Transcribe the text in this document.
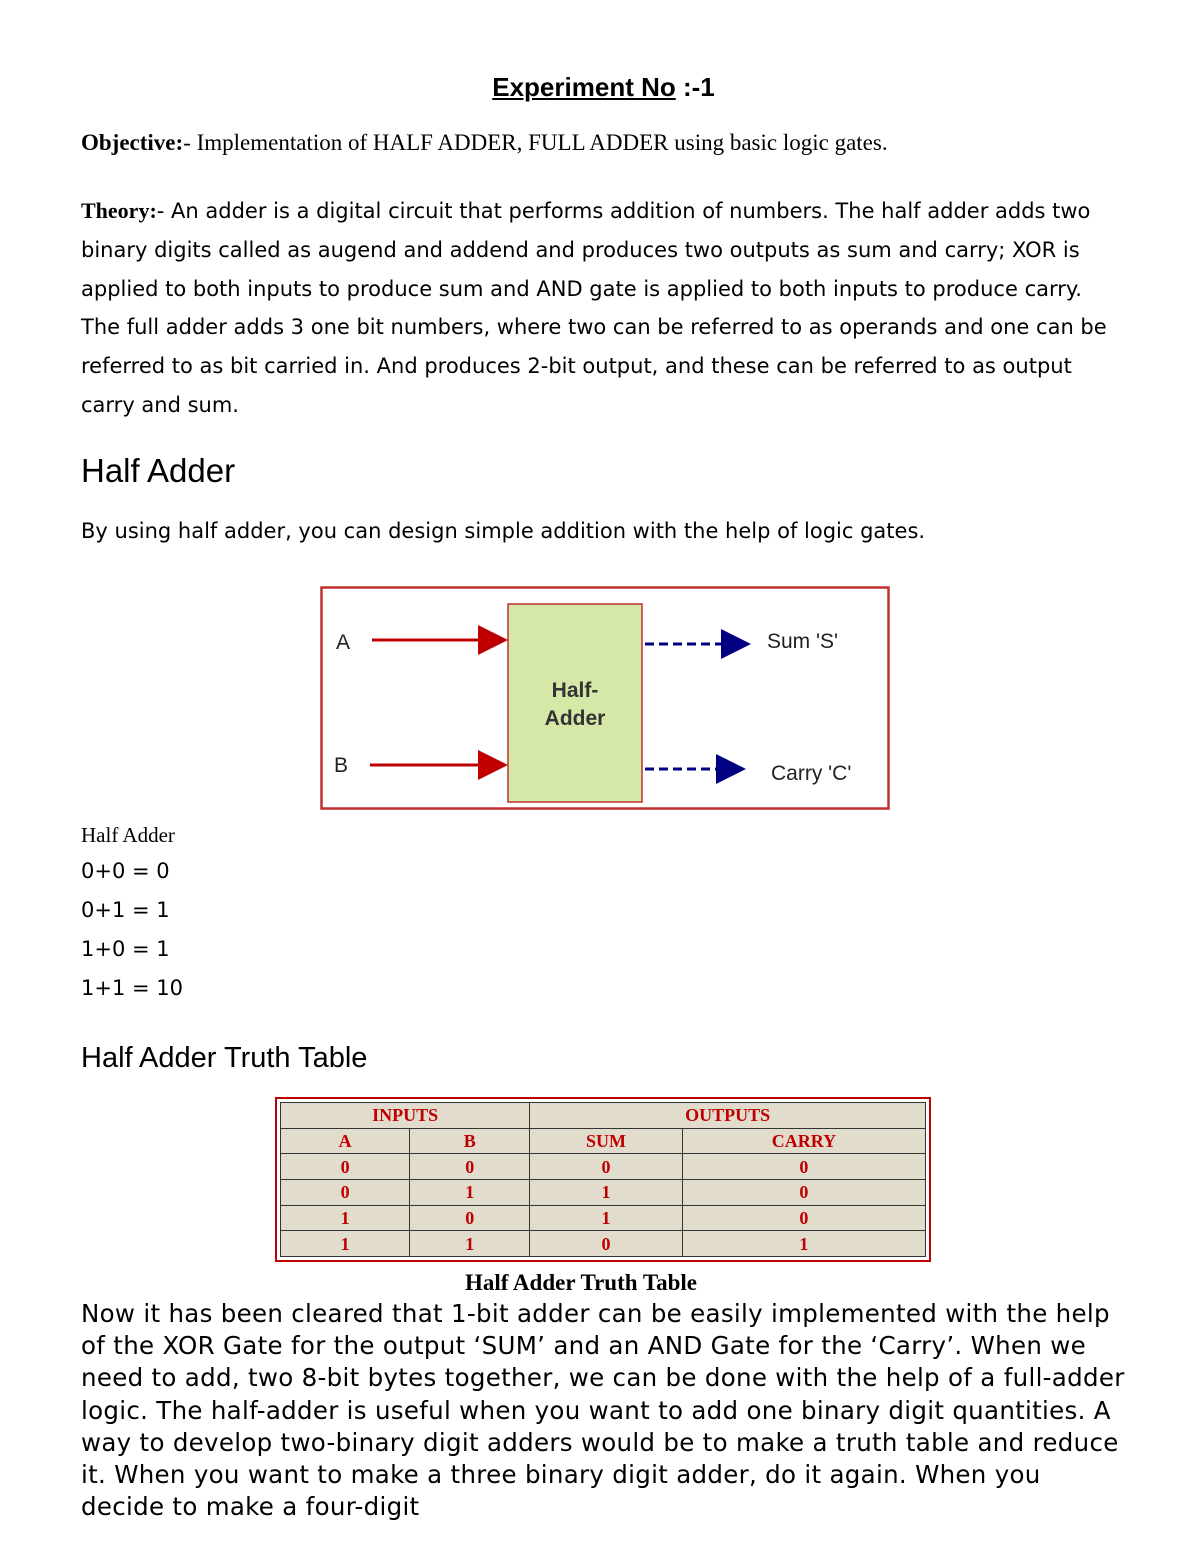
Experiment No :-1
Objective:- Implementation of HALF ADDER, FULL ADDER using basic logic gates.
Theory:- An adder is a digital circuit that performs addition of numbers. The half adder adds two binary digits called as augend and addend and produces two outputs as sum and carry; XOR is applied to both inputs to produce sum and AND gate is applied to both inputs to produce carry. The full adder adds 3 one bit numbers, where two can be referred to as operands and one can be referred to as bit carried in. And produces 2-bit output, and these can be referred to as output carry and sum.
Half Adder
By using half adder, you can design simple addition with the help of logic gates.
A
B
Half-
Adder
Sum 'S'
Carry 'C'
Half Adder
0+0 = 0
0+1 = 1
1+0 = 1
1+1 = 10
Half Adder Truth Table
INPUTS		OUTPUTS	
A	B	SUM	CARRY
0	0	0	0
0	1	1	0
1	0	1	0
1	1	0	1
Half Adder Truth Table
Now it has been cleared that 1-bit adder can be easily implemented with the help of the XOR Gate for the output ‘SUM’ and an AND Gate for the ‘Carry’. When we need to add, two 8-bit bytes together, we can be done with the help of a full-adder logic. The half-adder is useful when you want to add one binary digit quantities. A way to develop two-binary digit adders would be to make a truth table and reduce it. When you want to make a three binary digit adder, do it again. When you decide to make a four-digit
